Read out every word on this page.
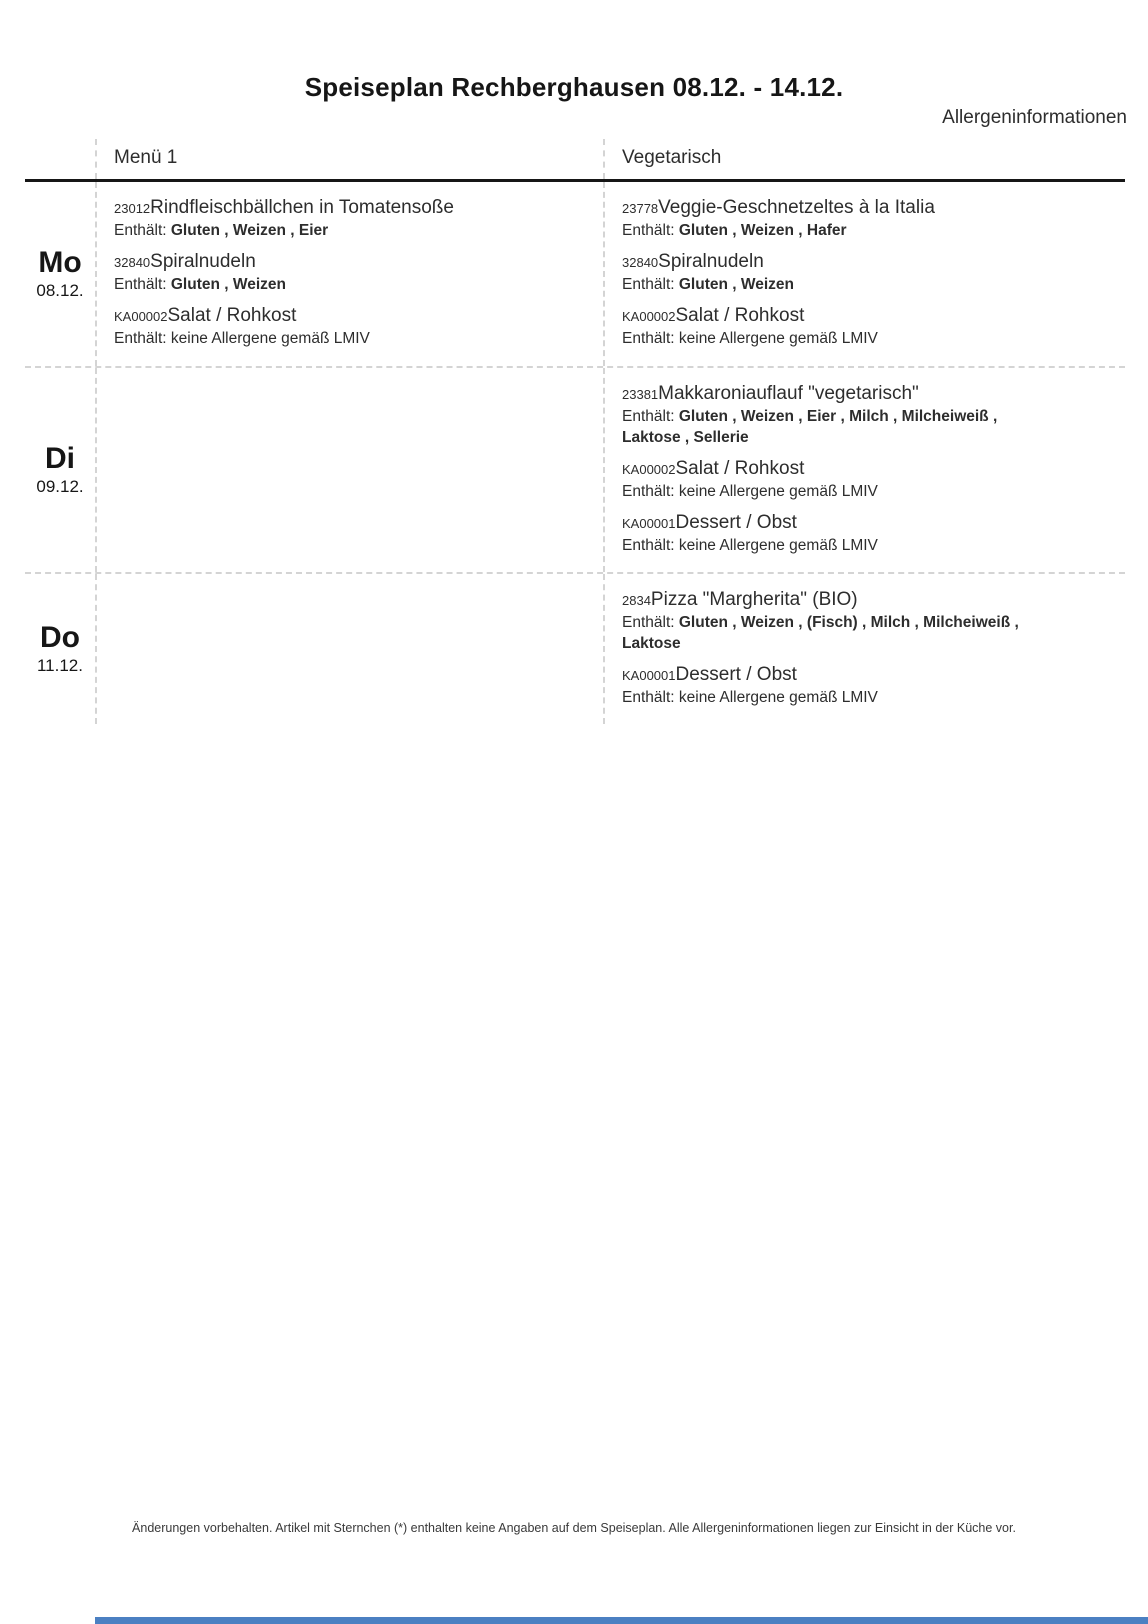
Speiseplan Rechberghausen 08.12. - 14.12.
Allergeninformationen
Menü 1	Vegetarisch
Mo
08.12.
23012Rindfleischbällchen in Tomatensoße
Enthält: Gluten , Weizen , Eier
32840Spiralnudeln
Enthält: Gluten , Weizen
KA00002Salat / Rohkost
Enthält: keine Allergene gemäß LMIV
23778Veggie-Geschnetzeltes à la Italia
Enthält: Gluten , Weizen , Hafer
32840Spiralnudeln
Enthält: Gluten , Weizen
KA00002Salat / Rohkost
Enthält: keine Allergene gemäß LMIV
Di
09.12.
23381Makkaroniauflauf "vegetarisch"
Enthält: Gluten , Weizen , Eier , Milch , Milcheiweiß , Laktose , Sellerie
KA00002Salat / Rohkost
Enthält: keine Allergene gemäß LMIV
KA00001Dessert / Obst
Enthält: keine Allergene gemäß LMIV
Do
11.12.
2834Pizza "Margherita" (BIO)
Enthält: Gluten , Weizen , (Fisch) , Milch , Milcheiweiß , Laktose
KA00001Dessert / Obst
Enthält: keine Allergene gemäß LMIV
Änderungen vorbehalten. Artikel mit Sternchen (*) enthalten keine Angaben auf dem Speiseplan. Alle Allergeninformationen liegen zur Einsicht in der Küche vor.
